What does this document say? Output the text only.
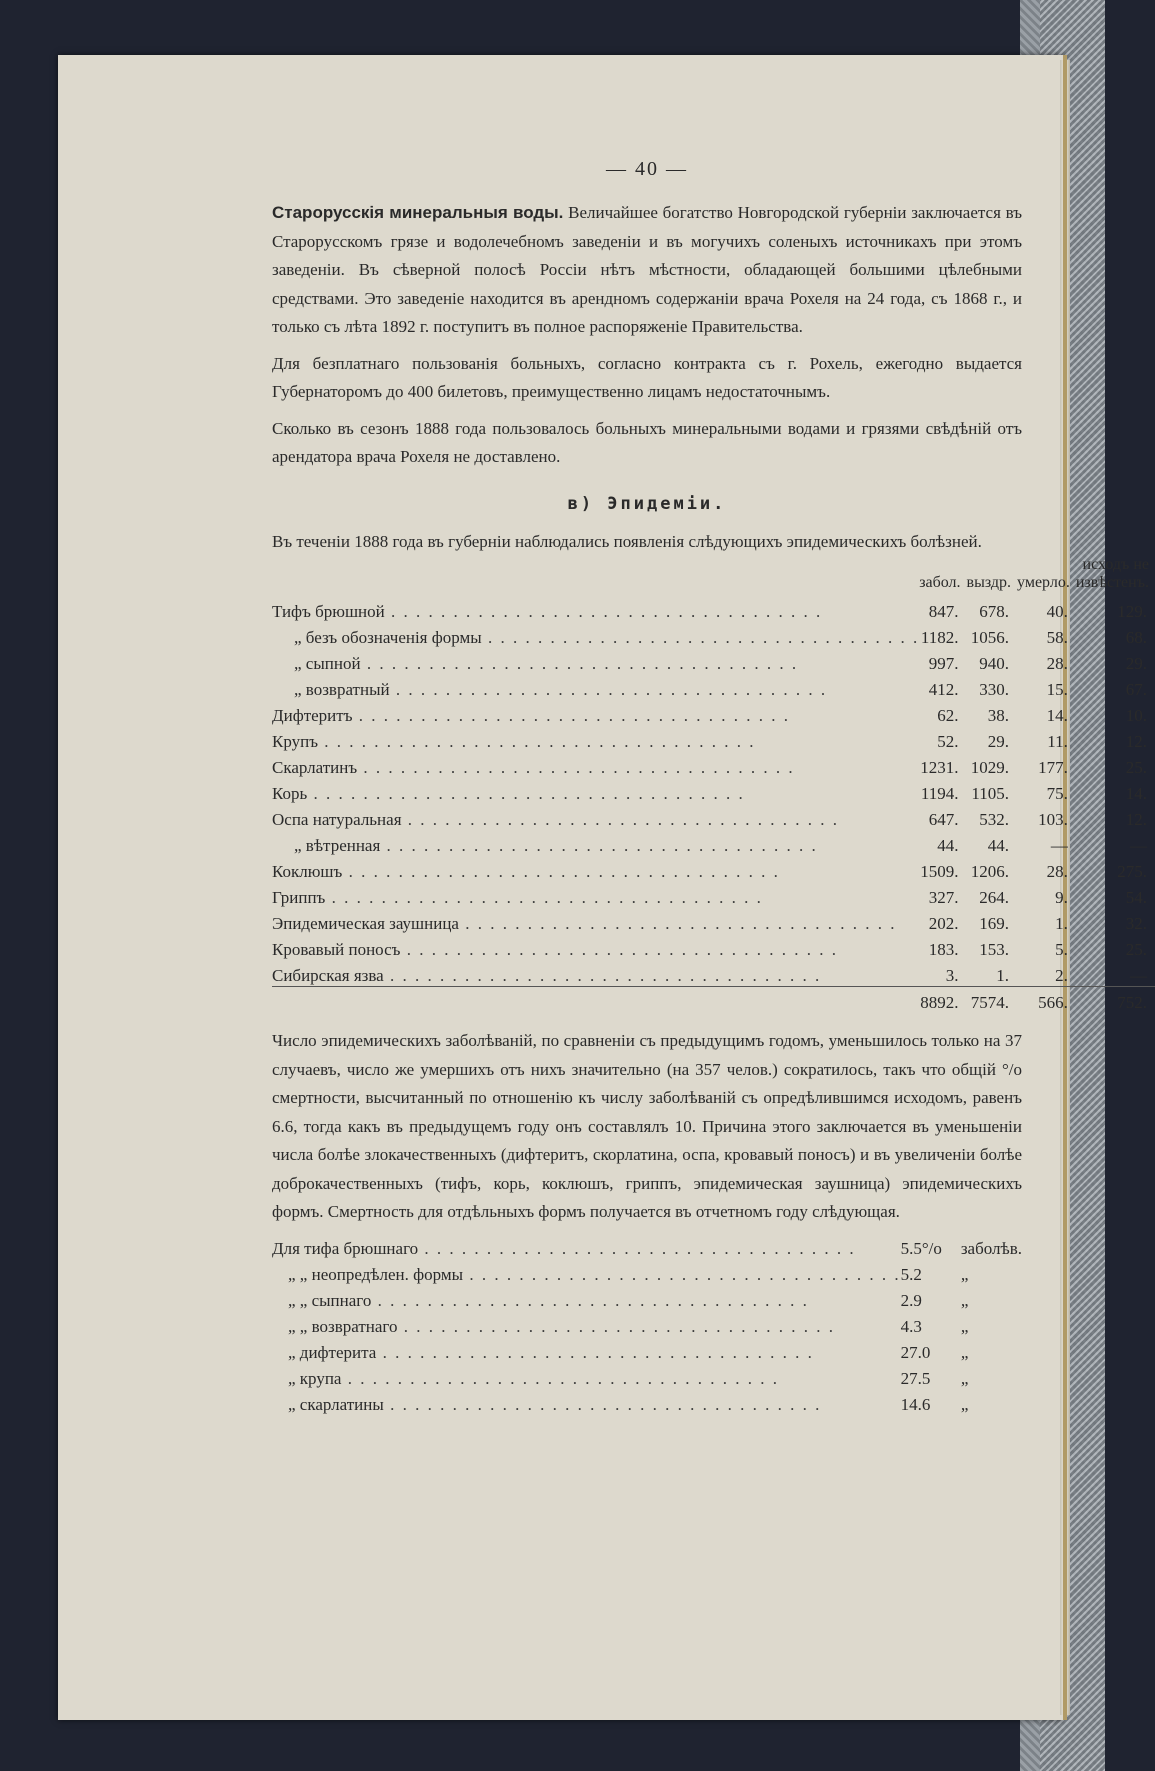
— 40 —

Старорусскія минеральныя воды. Величайшее богатство Новгородской губерніи заключается въ Старорусскомъ грязе и водолечебномъ заведеніи и въ могучихъ соленыхъ источникахъ при этомъ заведеніи. Въ сѣверной полосѣ Россіи нѣтъ мѣстности, обладающей большими цѣлебными средствами. Это заведеніе находится въ арендномъ содержаніи врача Рохеля на 24 года, съ 1868 г., и только съ лѣта 1892 г. поступитъ въ полное распоряженіе Правительства.

Для безплатнаго пользованія больныхъ, согласно контракта съ г. Рохель, ежегодно выдается Губернаторомъ до 400 билетовъ, преимущественно лицамъ недостаточнымъ.

Сколько въ сезонъ 1888 года пользовалось больныхъ минеральными водами и грязями свѣдѣній отъ арендатора врача Рохеля не доставлено.

в) Эпидеміи.

Въ теченіи 1888 года въ губерніи наблюдались появленія слѣдующихъ эпидемическихъ болѣзней.

	забол.	выздр.	умерло.	исходъ не извѣстенъ.
Тифъ брюшной . . .	847.	678.	40.	129.
„ безъ обозначенія формы . . .	1182.	1056.	58.	68.
„ сыпной . . .	997.	940.	28.	29.
„ возвратный . . .	412.	330.	15.	67.
Дифтеритъ . . .	62.	38.	14.	10.
Крупъ . . .	52.	29.	11.	12.
Скарлатинъ . . .	1231.	1029.	177.	25.
Корь . . .	1194.	1105.	75.	14.
Оспа натуральная . . .	647.	532.	103.	12.
„ вѣтренная . . .	44.	44.	—	—
Коклюшъ . . .	1509.	1206.	28.	275.
Гриппъ . . .	327.	264.	9.	54.
Эпидемическая заушница . . .	202.	169.	1.	32.
Кровавый поносъ . . .	183.	153.	5.	25.
Сибирская язва . . .	3.	1.	2.	—
	8892.	7574.	566.	752.

Число эпидемическихъ заболѣваній, по сравненіи съ предыдущимъ годомъ, уменьшилось только на 37 случаевъ, число же умершихъ отъ нихъ значительно (на 357 челов.) сократилось, такъ что общій °/о смертности, высчитанный по отношенію къ числу заболѣваній съ опредѣлившимся исходомъ, равенъ 6.6, тогда какъ въ предыдущемъ году онъ составлялъ 10. Причина этого заключается въ уменьшеніи числа болѣе злокачественныхъ (дифтеритъ, скорлатина, оспа, кровавый поносъ) и въ увеличеніи болѣе доброкачественныхъ (тифъ, корь, коклюшъ, гриппъ, эпидемическая заушница) эпидемическихъ формъ. Смертность для отдѣльныхъ формъ получается въ отчетномъ году слѣдующая.

Для тифа брюшнаго . . .	5.5°/о	заболѣв.
„ „ неопредѣлен. формы . . .	5.2	„
„ „ сыпнаго . . .	2.9	„
„ „ возвратнаго . . .	4.3	„
„ дифтерита . . .	27.0	„
„ крупа . . .	27.5	„
„ скарлатины . . .	14.6	„
